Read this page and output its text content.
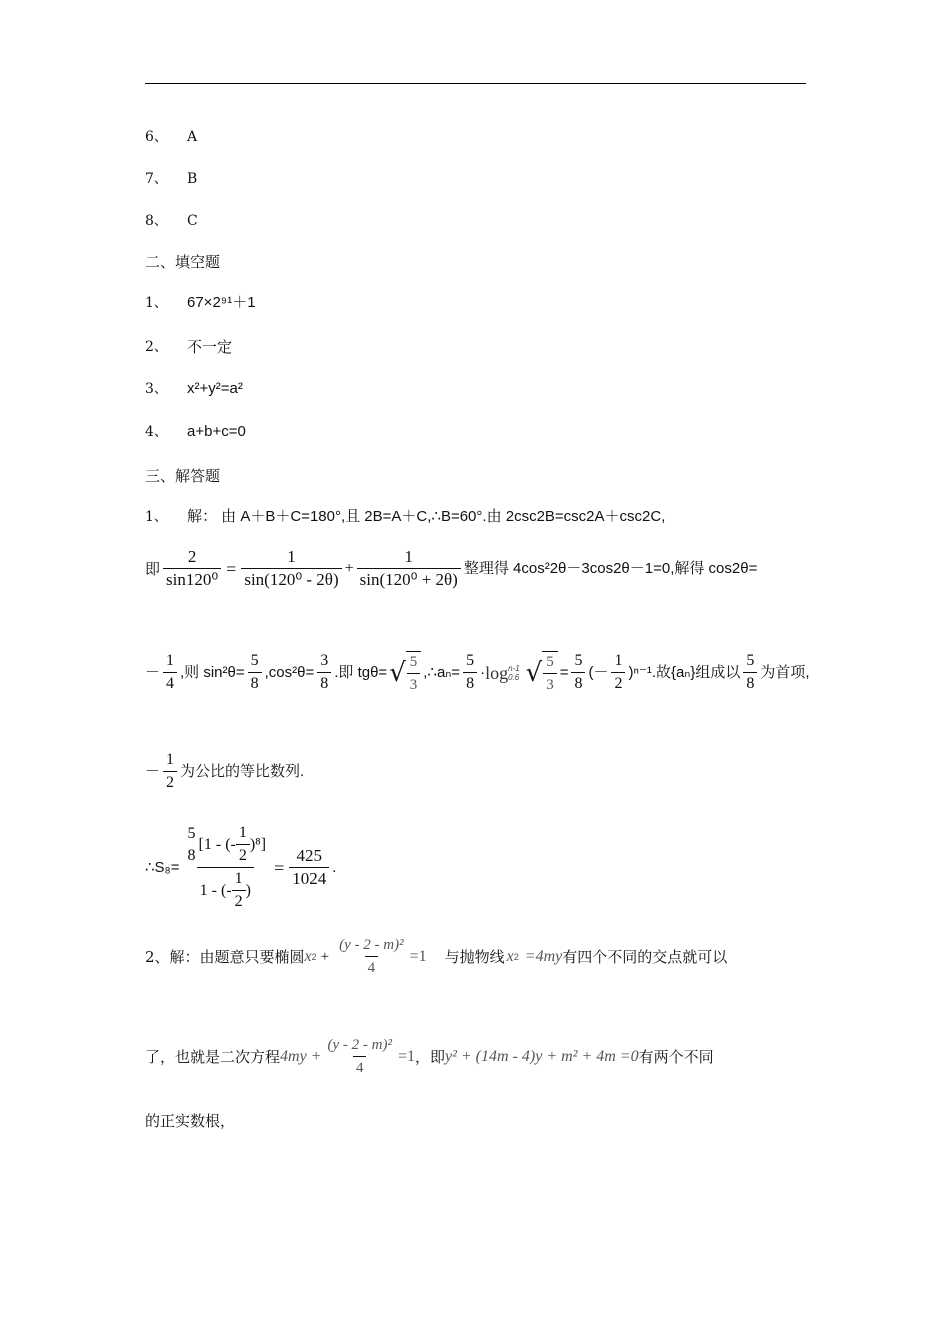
6、	A
7、	B
8、	C
二、填空题
1、	67×2⁹¹＋1
2、	不一定
3、	x²+y²=a²
4、	a+b+c=0
三、解答题
1、	解： 由 A＋B＋C=180°,且 2B=A＋C,∴B=60°.由 2csc2B=csc2A＋csc2C,
即 $\frac{2}{\text{sin120⁰}} = \frac{1}{\text{sin(120⁰ - 2θ)}} + \frac{1}{\text{sin(120⁰ + 2θ)}}$ 整理得 4cos²2θ－3cos2θ－1=0,解得 cos2θ=
－ $\frac{1}{4}$ ,则 $\sin^2\theta= \frac{5}{8} ,\cos^2\theta= \frac{3}{8}$ .即 tgθ= √ $\frac{5}{3}$ ,∴aₙ= $\frac{5}{8} \cdot \log n-1$
0.6 √ $\frac{5}{3} = \frac{5}{8}$ (－ $\frac{1}{2} )^{n-1}$.故{aₙ}组成以 $\frac{5}{8}$ 为首项,
－ $\frac{1}{2}$ 为公比的等比数列.
∴S₈=
5
8
[1 - (- $\frac{1}{2} )^8$]
1 - (- $\frac{1}{2}$ )
= $\frac{425}{1024}$ .
2、解：由题意只要椭圆 x $2 + \frac{\text{(y - 2 - m)²}}{4} =1$ 与抛物线 x 2 =4my 有四个不同的交点就可以
了，也就是二次方程 $4my + \frac{\text{(y - 2 - m)²}}{4} =1$ ，即 y² + (14m - 4)y + m² + 4m =0 有两个不同
的正实数根，
